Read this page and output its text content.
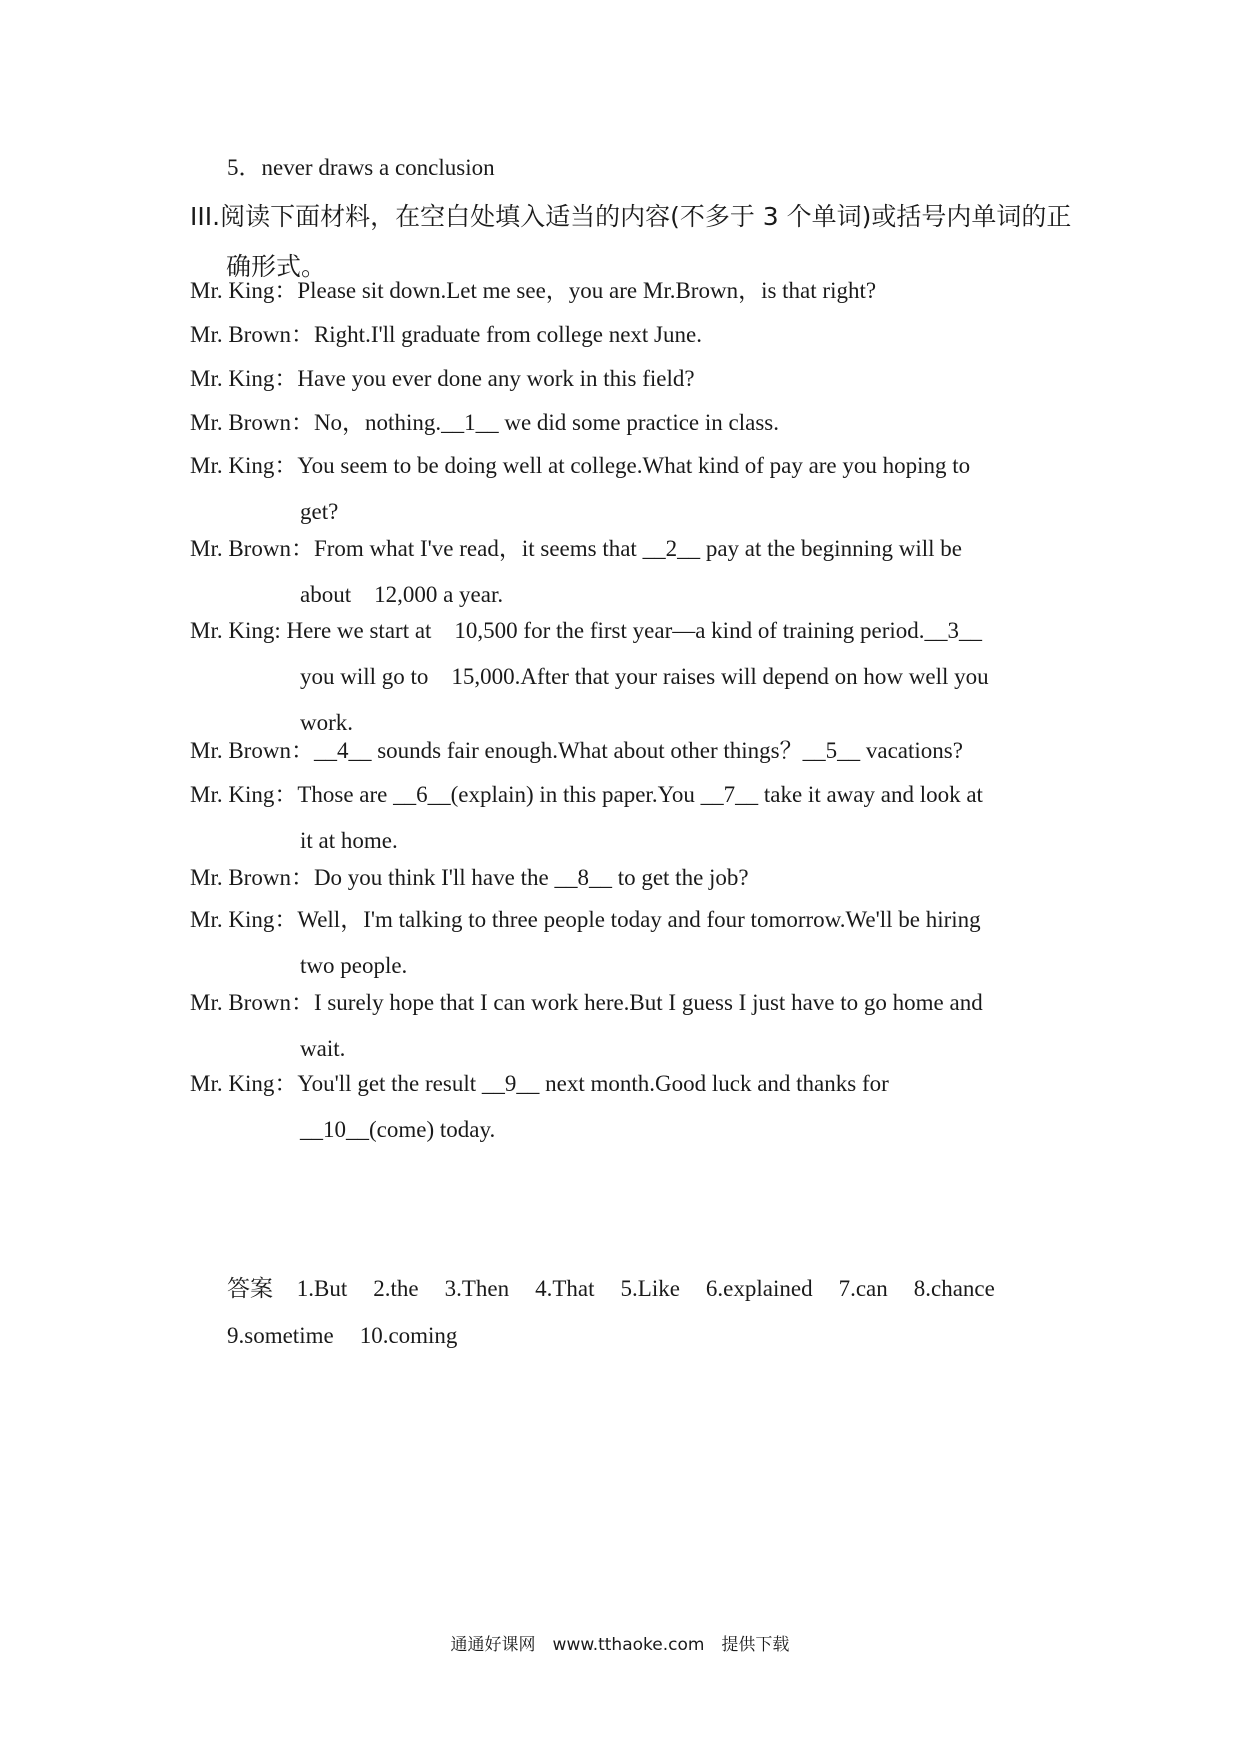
5．never draws a conclusion
III.阅读下面材料，在空白处填入适当的内容(不多于 3 个单词)或括号内单词的正
确形式。
Mr. King：Please sit down.Let me see，you are Mr.Brown，is that right?
Mr. Brown：Right.I'll graduate from college next June.
Mr. King：Have you ever done any work in this field?
Mr. Brown：No，nothing.__1__ we did some practice in class.
Mr. King：You seem to be doing well at college.What kind of pay are you hoping to
get?
Mr. Brown：From what I've read，it seems that __2__ pay at the beginning will be
about　12,000 a year.
Mr. King: Here we start at　10,500 for the first year—a kind of training period.__3__
you will go to　15,000.After that your raises will depend on how well you
work.
Mr. Brown：__4__ sounds fair enough.What about other things？__5__ vacations?
Mr. King：Those are __6__(explain) in this paper.You __7__ take it away and look at
it at home.
Mr. Brown：Do you think I'll have the __8__ to get the job?
Mr. King：Well，I'm talking to three people today and four tomorrow.We'll be hiring
two people.
Mr. Brown：I surely hope that I can work here.But I guess I just have to go home and
wait.
Mr. King：You'll get the result __9__ next month.Good luck and thanks for
__10__(come) today.
答案 1.But 2.the 3.Then 4.That 5.Like 6.explained 7.can 8.chance
9.sometime 10.coming
通通好课网　www.tthaoke.com　提供下载
